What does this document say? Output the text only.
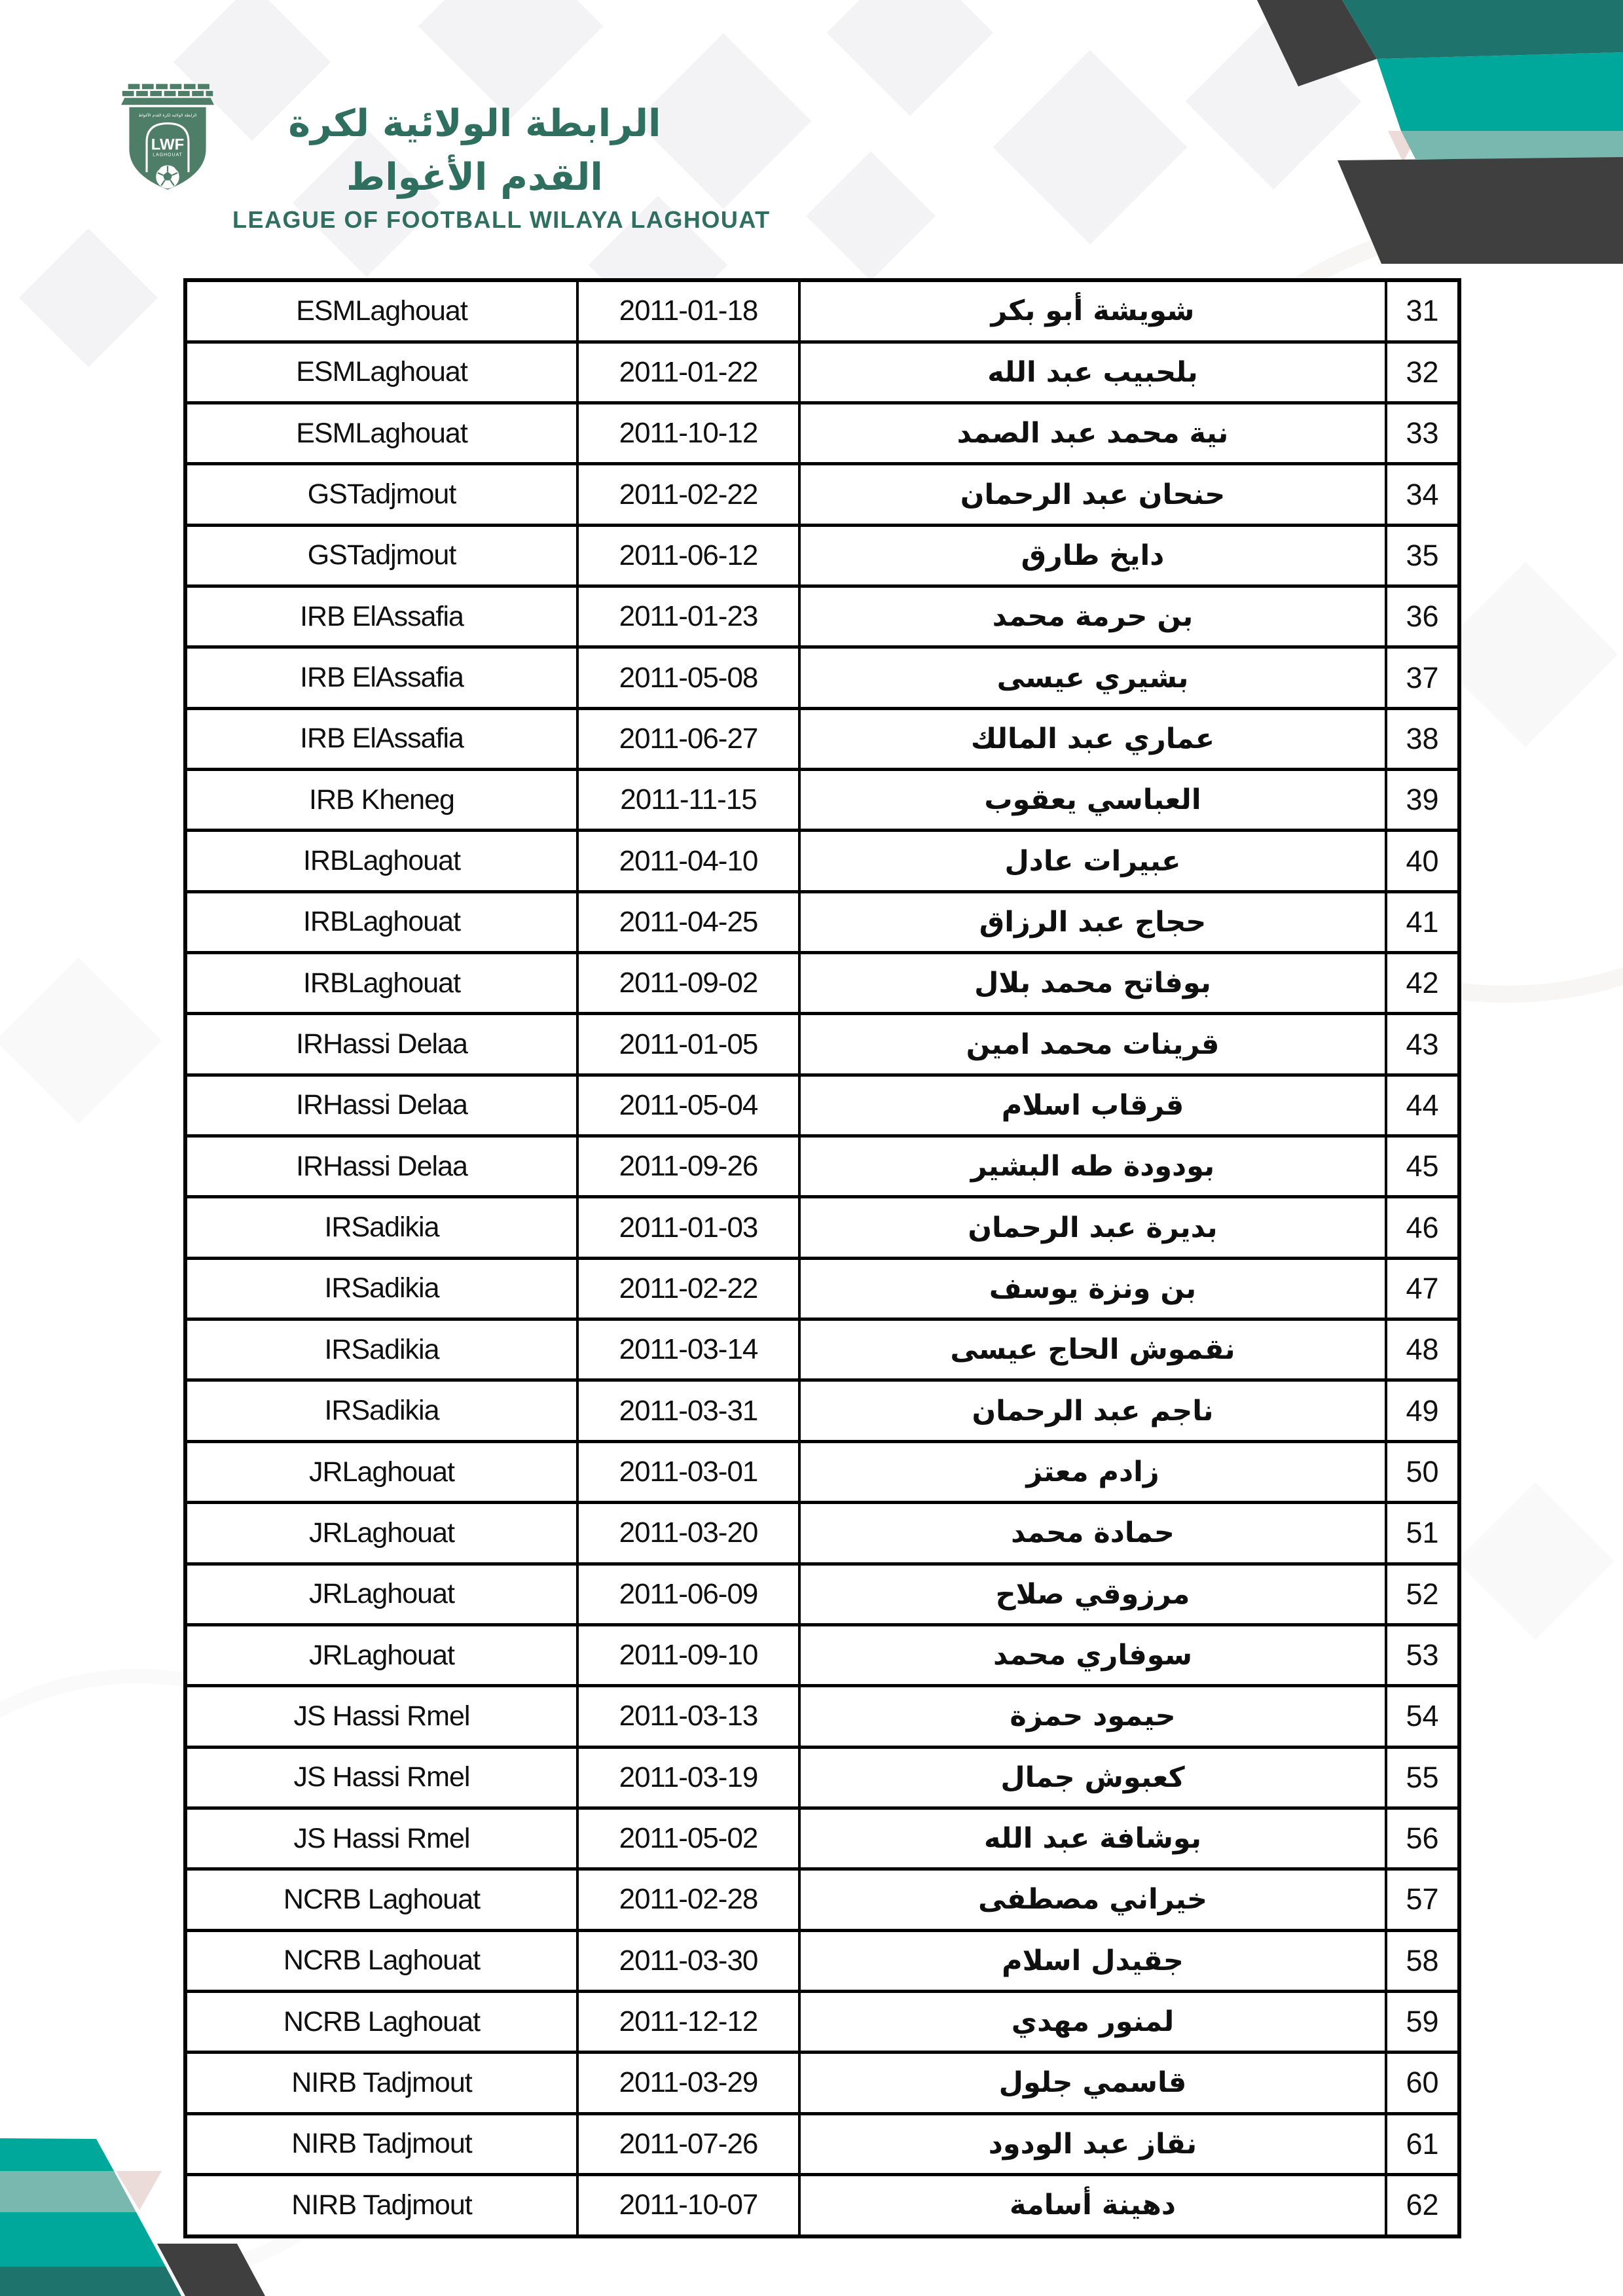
الرابطة الولائية لكرة القدم الأغواط
LWF
LAGHOUAT
الرابطة الولائية لكرة القدم الأغواط
LEAGUE OF FOOTBALL WILAYA LAGHOUAT
ESMLaghouat	2011-01-18	شويشة أبو بكر	31
ESMLaghouat	2011-01-22	بلحبيب عبد الله	32
ESMLaghouat	2011-10-12	نية محمد عبد الصمد	33
GSTadjmout	2011-02-22	حنحان عبد الرحمان	34
GSTadjmout	2011-06-12	دايخ طارق	35
IRB ElAssafia	2011-01-23	بن حرمة محمد	36
IRB ElAssafia	2011-05-08	بشيري عيسى	37
IRB ElAssafia	2011-06-27	عماري عبد المالك	38
IRB Kheneg	2011-11-15	العباسي يعقوب	39
IRBLaghouat	2011-04-10	عبيرات عادل	40
IRBLaghouat	2011-04-25	حجاج عبد الرزاق	41
IRBLaghouat	2011-09-02	بوفاتح محمد بلال	42
IRHassi Delaa	2011-01-05	قرينات محمد امين	43
IRHassi Delaa	2011-05-04	قرقاب اسلام	44
IRHassi Delaa	2011-09-26	بودودة طه البشير	45
IRSadikia	2011-01-03	بديرة عبد الرحمان	46
IRSadikia	2011-02-22	بن ونزة يوسف	47
IRSadikia	2011-03-14	نقموش الحاج عيسى	48
IRSadikia	2011-03-31	ناجم عبد الرحمان	49
JRLaghouat	2011-03-01	زادم معتز	50
JRLaghouat	2011-03-20	حمادة محمد	51
JRLaghouat	2011-06-09	مرزوقي صلاح	52
JRLaghouat	2011-09-10	سوفاري محمد	53
JS Hassi Rmel	2011-03-13	حيمود حمزة	54
JS Hassi Rmel	2011-03-19	كعبوش جمال	55
JS Hassi Rmel	2011-05-02	بوشافة عبد الله	56
NCRB Laghouat	2011-02-28	خيراني مصطفى	57
NCRB Laghouat	2011-03-30	جقيدل اسلام	58
NCRB Laghouat	2011-12-12	لمنور مهدي	59
NIRB Tadjmout	2011-03-29	قاسمي جلول	60
NIRB Tadjmout	2011-07-26	نقاز عبد الودود	61
NIRB Tadjmout	2011-10-07	دهينة أسامة	62
